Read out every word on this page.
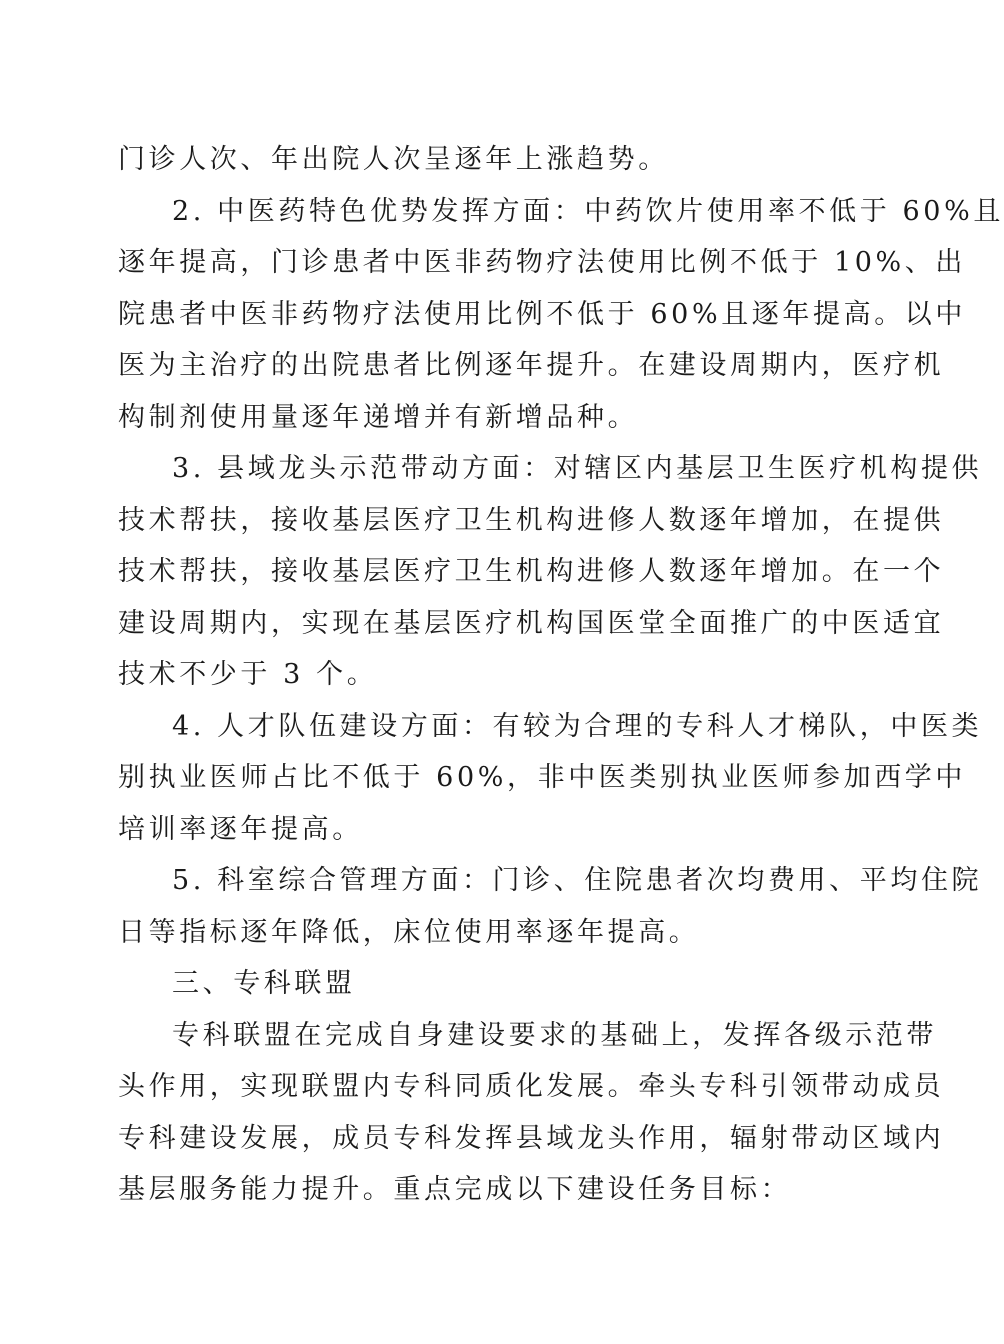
门诊人次、年出院人次呈逐年上涨趋势。
2. 中医药特色优势发挥方面：中药饮片使用率不低于 60%且
逐年提高，门诊患者中医非药物疗法使用比例不低于 10%、出
院患者中医非药物疗法使用比例不低于 60%且逐年提高。以中
医为主治疗的出院患者比例逐年提升。在建设周期内，医疗机
构制剂使用量逐年递增并有新增品种。
3. 县域龙头示范带动方面：对辖区内基层卫生医疗机构提供
技术帮扶，接收基层医疗卫生机构进修人数逐年增加，在提供
技术帮扶，接收基层医疗卫生机构进修人数逐年增加。在一个
建设周期内，实现在基层医疗机构国医堂全面推广的中医适宜
技术不少于 3 个。
4. 人才队伍建设方面：有较为合理的专科人才梯队，中医类
别执业医师占比不低于 60%，非中医类别执业医师参加西学中
培训率逐年提高。
5. 科室综合管理方面：门诊、住院患者次均费用、平均住院
日等指标逐年降低，床位使用率逐年提高。
三、专科联盟
专科联盟在完成自身建设要求的基础上，发挥各级示范带
头作用，实现联盟内专科同质化发展。牵头专科引领带动成员
专科建设发展，成员专科发挥县域龙头作用，辐射带动区域内
基层服务能力提升。重点完成以下建设任务目标：
